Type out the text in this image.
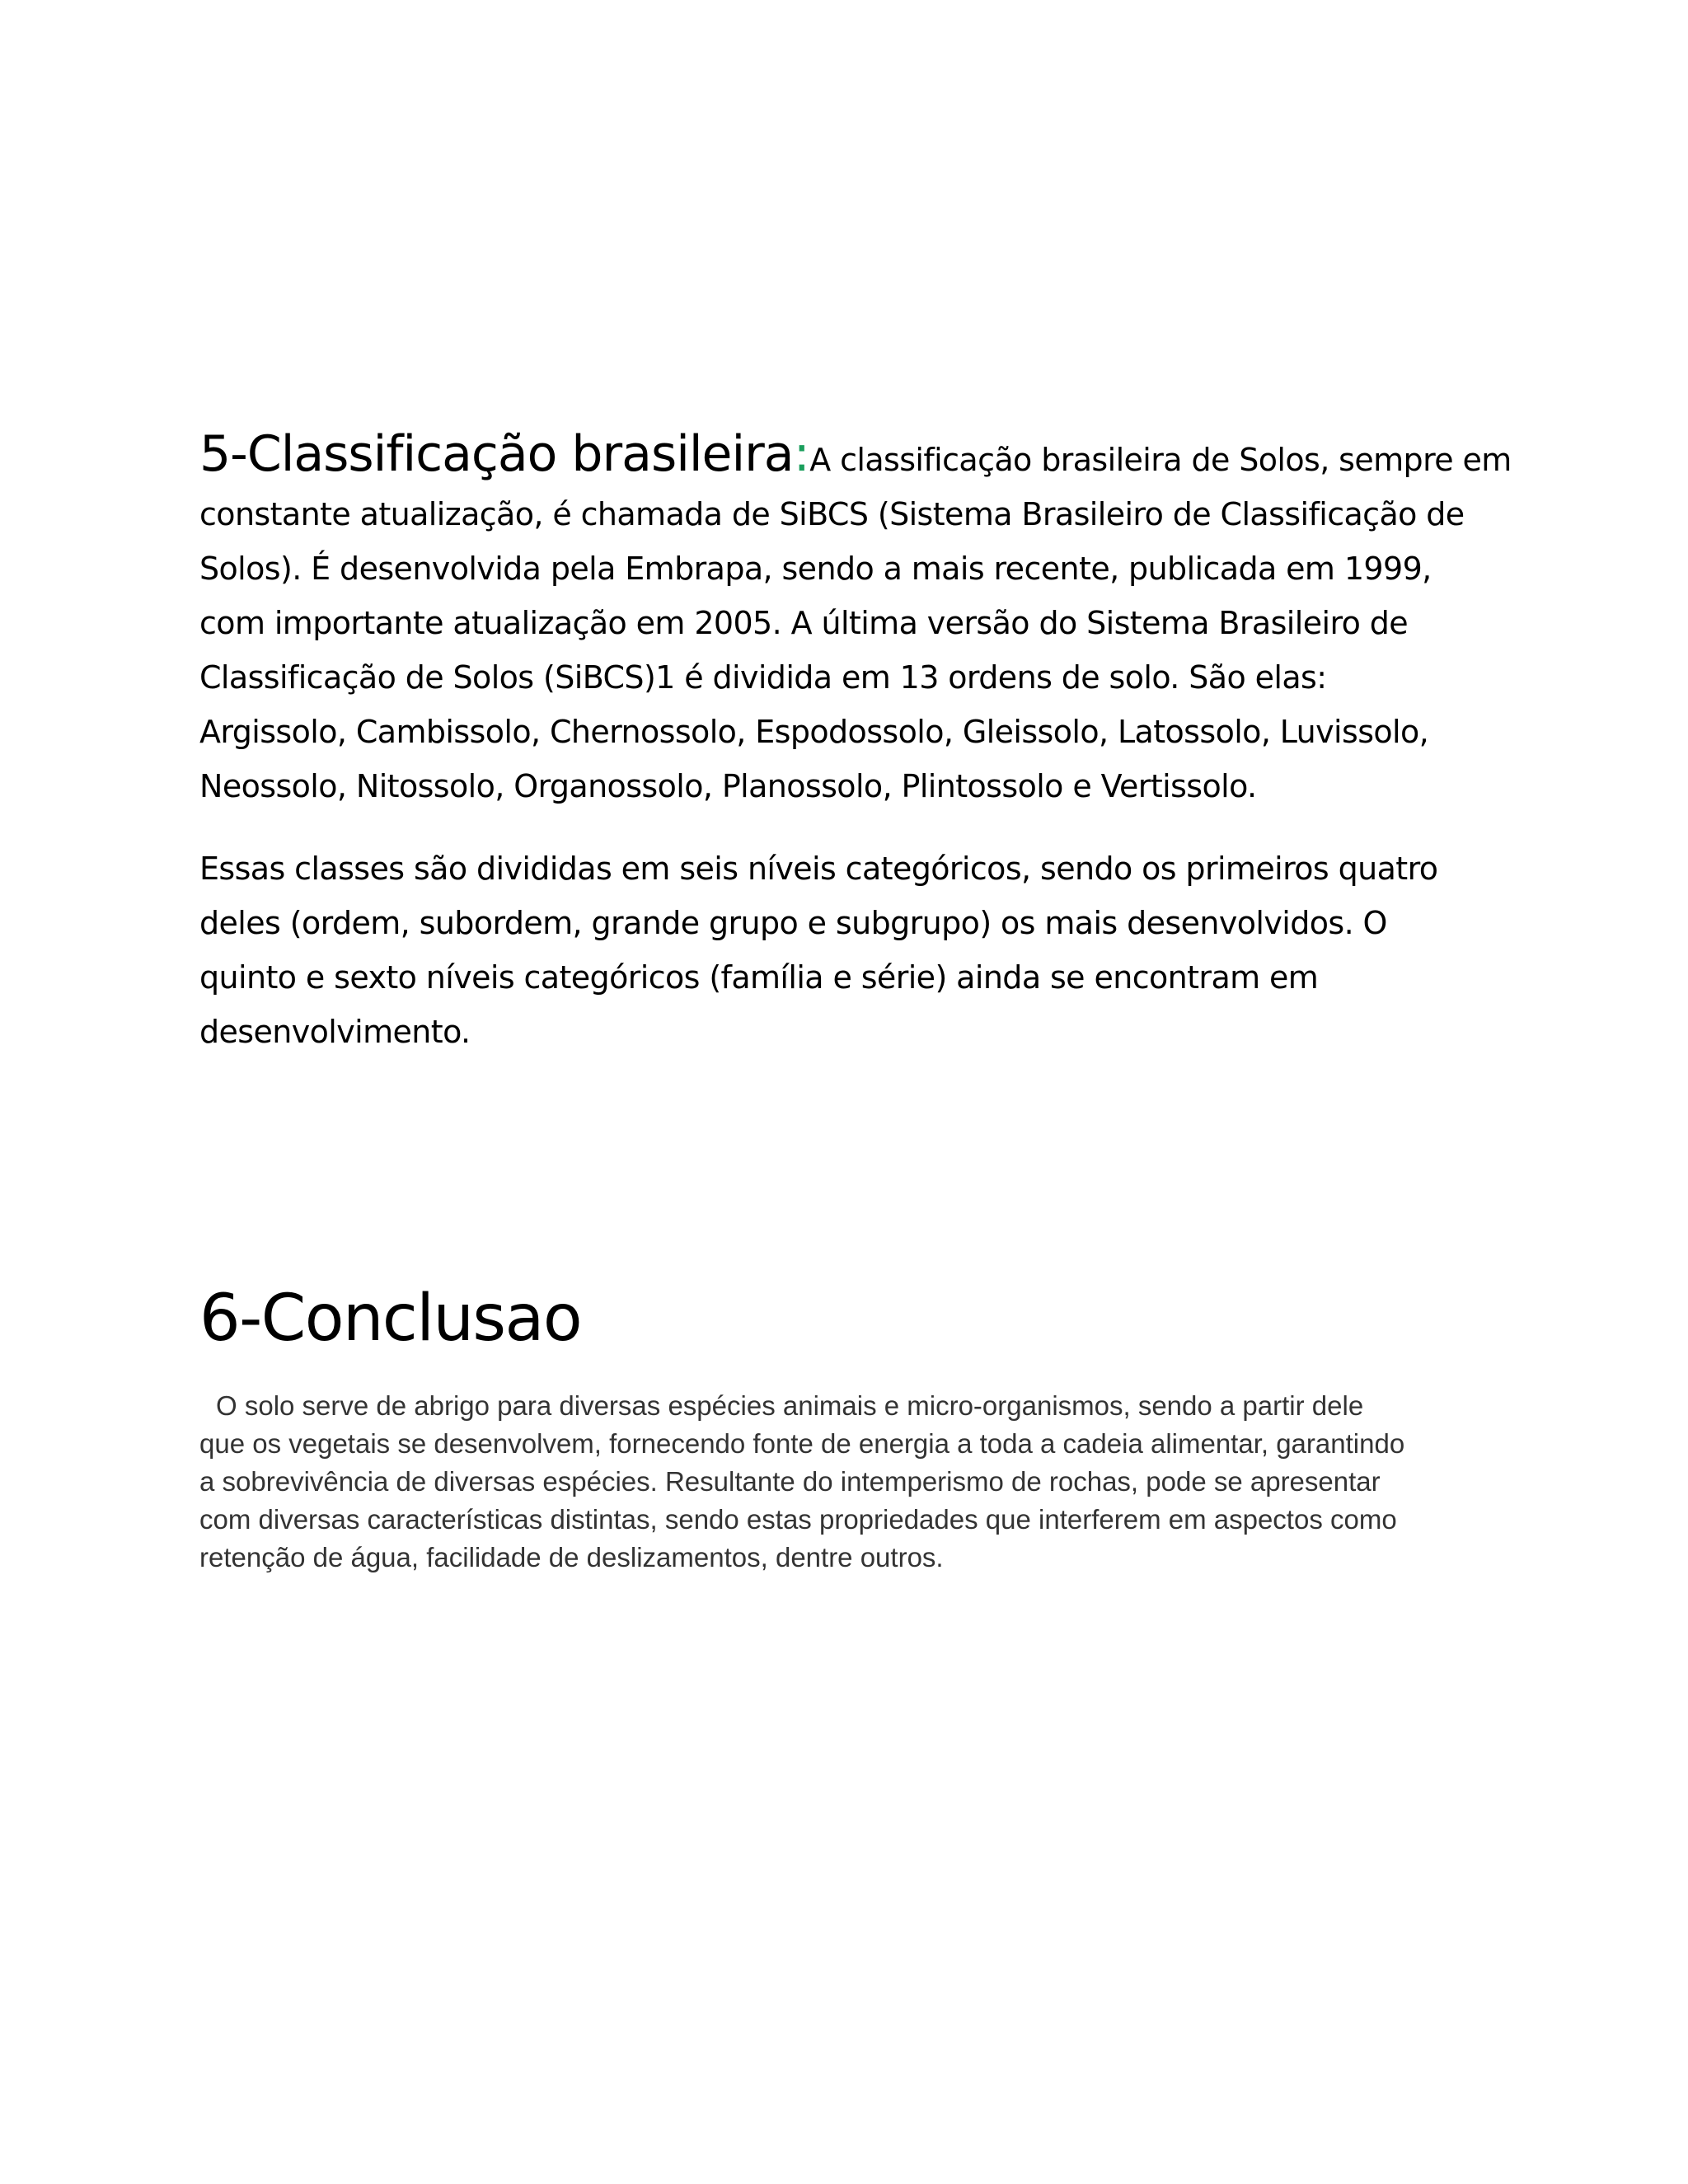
5-Classificação brasileira:A classificação brasileira de Solos, sempre em

constante atualização, é chamada de SiBCS (Sistema Brasileiro de Classificação de

Solos). É desenvolvida pela Embrapa, sendo a mais recente, publicada em 1999,

com importante atualização em 2005. A última versão do Sistema Brasileiro de

Classificação de Solos (SiBCS)1 é dividida em 13 ordens de solo. São elas:

Argissolo, Cambissolo, Chernossolo, Espodossolo, Gleissolo, Latossolo, Luvissolo,

Neossolo, Nitossolo, Organossolo, Planossolo, Plintossolo e Vertissolo.

Essas classes são divididas em seis níveis categóricos, sendo os primeiros quatro

deles (ordem, subordem, grande grupo e subgrupo) os mais desenvolvidos. O

quinto e sexto níveis categóricos (família e série) ainda se encontram em

desenvolvimento.

6-Conclusao

O solo serve de abrigo para diversas espécies animais e micro-organismos, sendo a partir dele

que os vegetais se desenvolvem, fornecendo fonte de energia a toda a cadeia alimentar, garantindo

a sobrevivência de diversas espécies. Resultante do intemperismo de rochas, pode se apresentar

com diversas características distintas, sendo estas propriedades que interferem em aspectos como

retenção de água, facilidade de deslizamentos, dentre outros.
